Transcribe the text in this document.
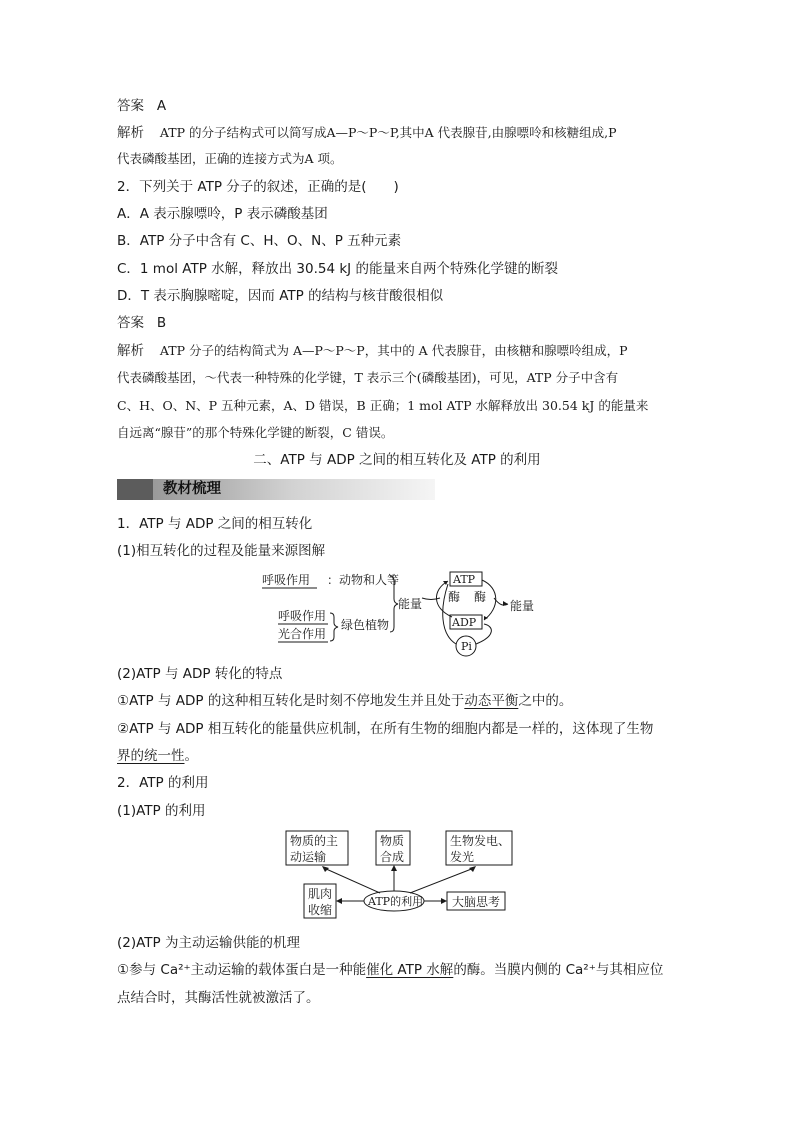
答案 A
解析 ATP 的分子结构式可以简写成A—P～P～P,其中A 代表腺苷,由腺嘌呤和核糖组成,P
代表磷酸基团，正确的连接方式为A 项。
2．下列关于 ATP 分子的叙述，正确的是(　　)
A．A 表示腺嘌呤，P 表示磷酸基团
B．ATP 分子中含有 C、H、O、N、P 五种元素
C．1 mol ATP 水解，释放出 30.54 kJ 的能量来自两个特殊化学键的断裂
D．T 表示胸腺嘧啶，因而 ATP 的结构与核苷酸很相似
答案 B
解析 ATP 分子的结构简式为 A—P～P～P，其中的 A 代表腺苷，由核糖和腺嘌呤组成，P
代表磷酸基团，～代表一种特殊的化学键，T 表示三个(磷酸基团)，可见，ATP 分子中含有
C、H、O、N、P 五种元素，A、D 错误，B 正确；1 mol ATP 水解释放出 30.54 kJ 的能量来
自远离“腺苷”的那个特殊化学键的断裂，C 错误。
二、ATP 与 ADP 之间的相互转化及 ATP 的利用
教材梳理
1．ATP 与 ADP 之间的相互转化
(1)相互转化的过程及能量来源图解
呼吸作用 ：动物和人等
呼吸作用
光合作用
绿色植物
能量 酶 酶
能量
ATP
ADP
Pi
(2)ATP 与 ADP 转化的特点
①ATP 与 ADP 的这种相互转化是时刻不停地发生并且处于动态平衡之中的。
②ATP 与 ADP 相互转化的能量供应机制，在所有生物的细胞内都是一样的，这体现了生物
界的统一性。
2．ATP 的利用
(1)ATP 的利用
物质的主
动运输
物质
合成
生物发电、
发光
肌肉
收缩
ATP的利用 大脑思考
(2)ATP 为主动运输供能的机理
①参与 Ca²⁺主动运输的载体蛋白是一种能催化 ATP 水解的酶。当膜内侧的 Ca²⁺与其相应位
点结合时，其酶活性就被激活了。
